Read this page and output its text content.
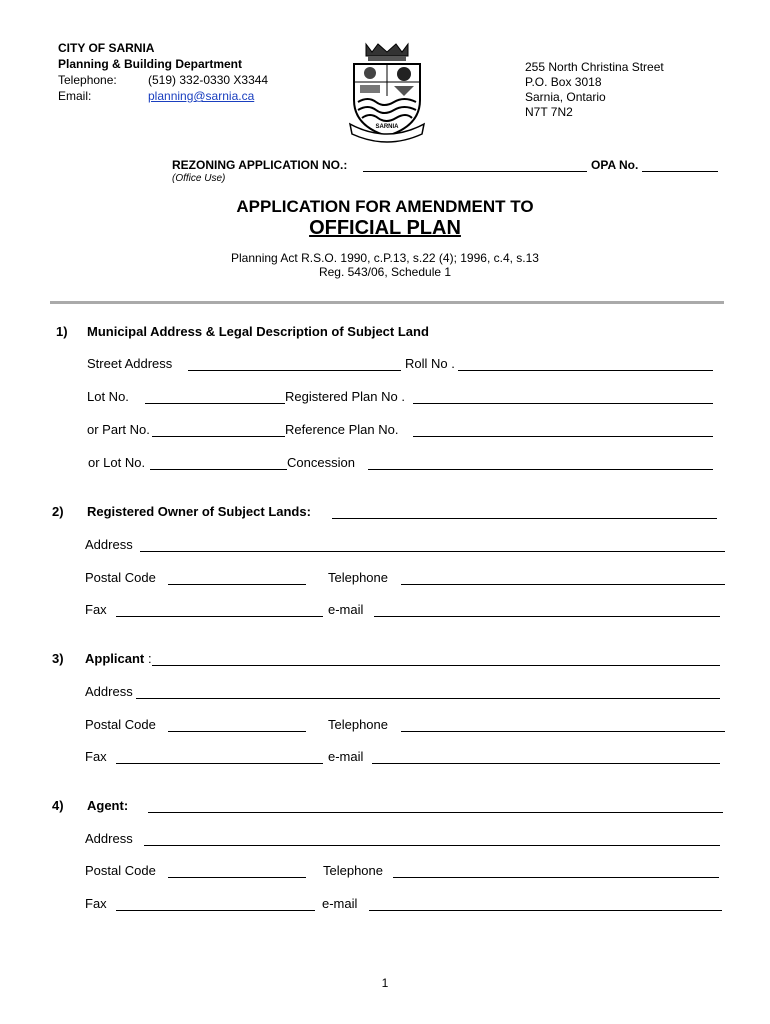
CITY OF SARNIA
Planning & Building Department
Telephone:	(519) 332-0330 X3344
Email:	planning@sarnia.ca
SARNIA
255 North Christina Street
P.O. Box 3018
Sarnia, Ontario
N7T 7N2
REZONING APPLICATION NO.:	OPA No.
(Office Use)
APPLICATION FOR AMENDMENT TO
OFFICIAL PLAN
Planning Act R.S.O. 1990, c.P.13, s.22 (4); 1996, c.4, s.13
Reg. 543/06, Schedule 1
1) Municipal Address & Legal Description of Subject Land
Street Address	Roll No .
Lot No.	Registered Plan No .
or Part No.	Reference Plan No.
or Lot No.	Concession
2) Registered Owner of Subject Lands:
Address
Postal Code	Telephone
Fax	e-mail
3) Applicant :
Address
Postal Code	Telephone
Fax	e-mail
4) Agent:
Address
Postal Code	Telephone
Fax	e-mail
1
